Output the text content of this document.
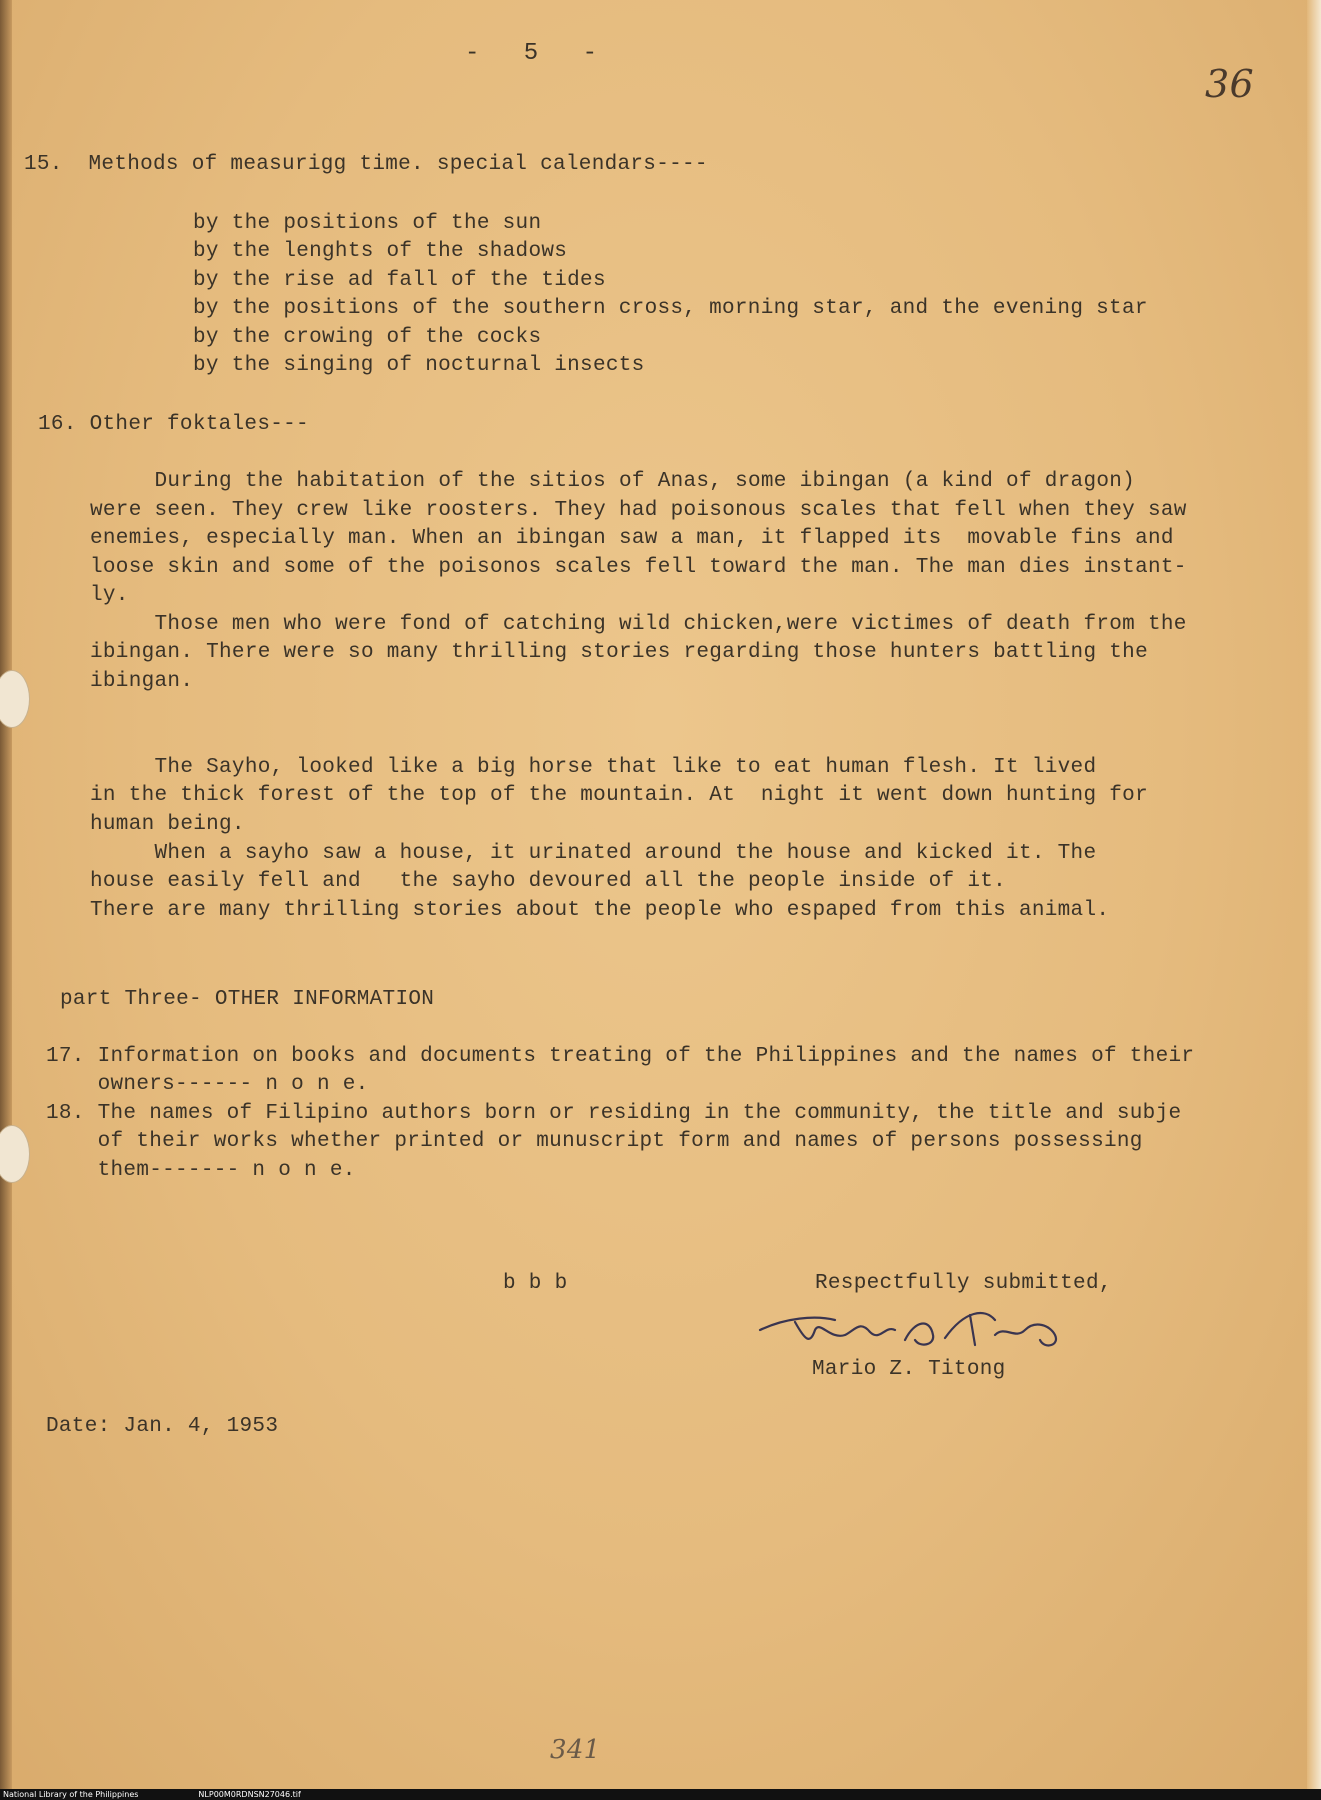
-   5   -
36
15.  Methods of measurigg time. special calendars----
by the positions of the sun
by the lenghts of the shadows
by the rise ad fall of the tides
by the positions of the southern cross, morning star, and the evening star
by the crowing of the cocks
by the singing of nocturnal insects
16. Other foktales---
During the habitation of the sitios of Anas, some ibingan (a kind of dragon)
were seen. They crew like roosters. They had poisonous scales that fell when they saw
enemies, especially man. When an ibingan saw a man, it flapped its  movable fins and
loose skin and some of the poisonos scales fell toward the man. The man dies instant-
ly.
Those men who were fond of catching wild chicken,were victimes of death from the
ibingan. There were so many thrilling stories regarding those hunters battling the
ibingan.
The Sayho, looked like a big horse that like to eat human flesh. It lived
in the thick forest of the top of the mountain. At  night it went down hunting for
human being.
When a sayho saw a house, it urinated around the house and kicked it. The
house easily fell and   the sayho devoured all the people inside of it.
There are many thrilling stories about the people who espaped from this animal.
part Three- OTHER INFORMATION
17. Information on books and documents treating of the Philippines and the names of their
owners------ n o n e.
18. The names of Filipino authors born or residing in the community, the title and subje
of their works whether printed or munuscript form and names of persons possessing
them------- n o n e.
b b b	Respectfully submitted,
Mario Z. Titong
Mario Z. Titong
Date: Jan. 4, 1953
341
National Library of the Philippines	NLP00M0RDNSN27046.tif
